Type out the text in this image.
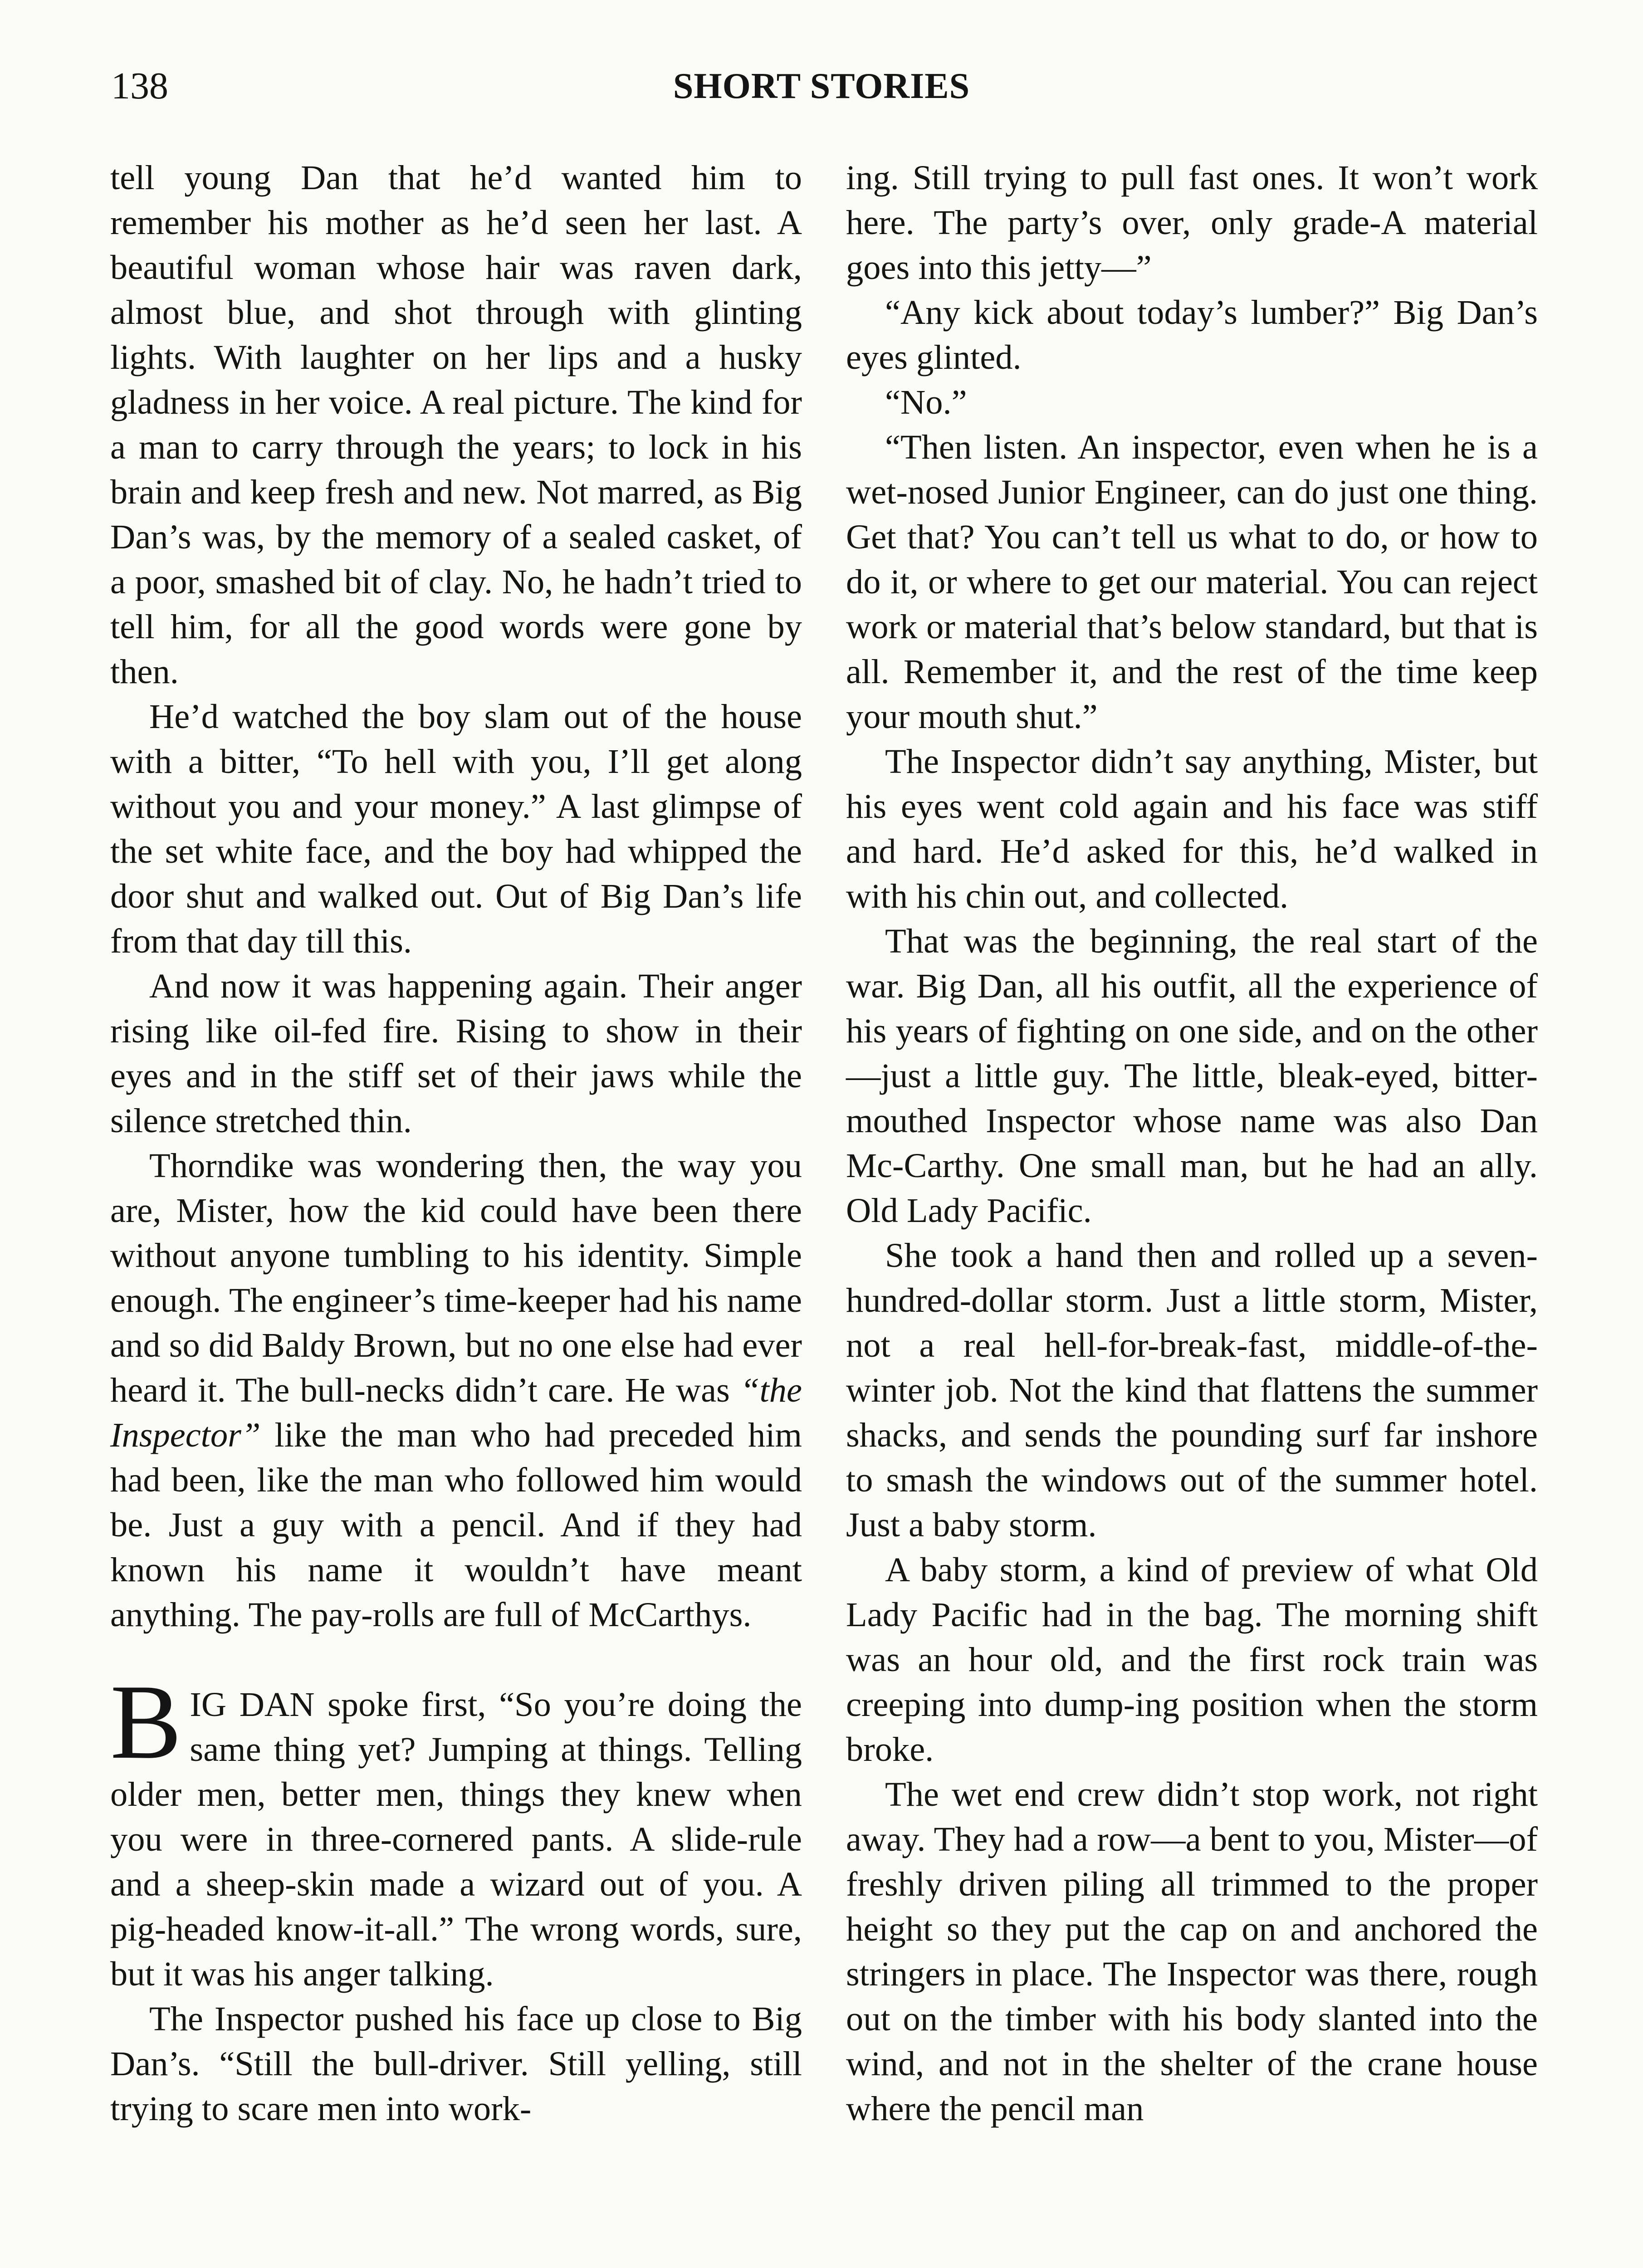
138	SHORT STORIES

tell young Dan that he’d wanted him to remember his mother as he’d seen her last. A beautiful woman whose hair was raven dark, almost blue, and shot through with glinting lights. With laughter on her lips and a husky gladness in her voice. A real picture. The kind for a man to carry through the years; to lock in his brain and keep fresh and new. Not marred, as Big Dan’s was, by the memory of a sealed casket, of a poor, smashed bit of clay. No, he hadn’t tried to tell him, for all the good words were gone by then.

He’d watched the boy slam out of the house with a bitter, “To hell with you, I’ll get along without you and your money.” A last glimpse of the set white face, and the boy had whipped the door shut and walked out. Out of Big Dan’s life from that day till this.

And now it was happening again. Their anger rising like oil-fed fire. Rising to show in their eyes and in the stiff set of their jaws while the silence stretched thin.

Thorndike was wondering then, the way you are, Mister, how the kid could have been there without anyone tumbling to his identity. Simple enough. The engineer’s time-keeper had his name and so did Baldy Brown, but no one else had ever heard it. The bull-necks didn’t care. He was “the Inspector” like the man who had preceded him had been, like the man who followed him would be. Just a guy with a pencil. And if they had known his name it wouldn’t have meant anything. The pay-rolls are full of McCarthys.

BIG DAN spoke first, “So you’re doing the same thing yet? Jumping at things. Telling older men, better men, things they knew when you were in three-cornered pants. A slide-rule and a sheep-skin made a wizard out of you. A pig-headed know-it-all.” The wrong words, sure, but it was his anger talking.

The Inspector pushed his face up close to Big Dan’s. “Still the bull-driver. Still yelling, still trying to scare men into work-

ing. Still trying to pull fast ones. It won’t work here. The party’s over, only grade-A material goes into this jetty—”

“Any kick about today’s lumber?” Big Dan’s eyes glinted.

“No.”

“Then listen. An inspector, even when he is a wet-nosed Junior Engineer, can do just one thing. Get that? You can’t tell us what to do, or how to do it, or where to get our material. You can reject work or material that’s below standard, but that is all. Remember it, and the rest of the time keep your mouth shut.”

The Inspector didn’t say anything, Mister, but his eyes went cold again and his face was stiff and hard. He’d asked for this, he’d walked in with his chin out, and collected.

That was the beginning, the real start of the war. Big Dan, all his outfit, all the experience of his years of fighting on one side, and on the other—just a little guy. The little, bleak-eyed, bitter-mouthed Inspector whose name was also Dan Mc-Carthy. One small man, but he had an ally. Old Lady Pacific.

She took a hand then and rolled up a seven-hundred-dollar storm. Just a little storm, Mister, not a real hell-for-break-fast, middle-of-the-winter job. Not the kind that flattens the summer shacks, and sends the pounding surf far inshore to smash the windows out of the summer hotel. Just a baby storm.

A baby storm, a kind of preview of what Old Lady Pacific had in the bag. The morning shift was an hour old, and the first rock train was creeping into dump-ing position when the storm broke.

The wet end crew didn’t stop work, not right away. They had a row—a bent to you, Mister—of freshly driven piling all trimmed to the proper height so they put the cap on and anchored the stringers in place. The Inspector was there, rough out on the timber with his body slanted into the wind, and not in the shelter of the crane house where the pencil man
